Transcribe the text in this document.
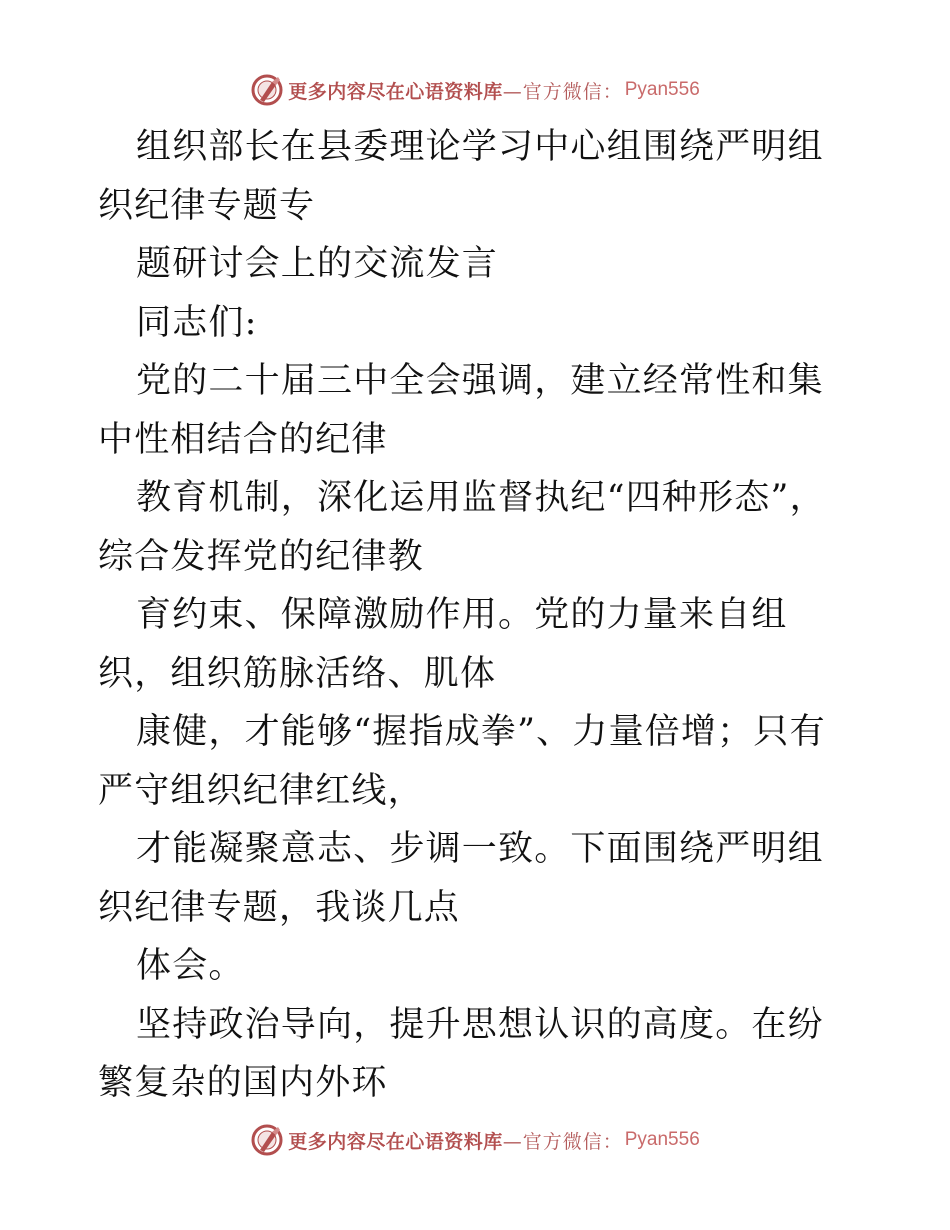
更多内容尽在心语资料库 —官方微信： Pyan556

组织部长在县委理论学习中心组围绕严明组织纪律专题专

题研讨会上的交流发言

同志们:

党的二十届三中全会强调，建立经常性和集中性相结合的纪律

教育机制，深化运用监督执纪“四种形态”，综合发挥党的纪律教

育约束、保障激励作用。党的力量来自组织，组织筋脉活络、肌体

康健，才能够“握指成拳”、力量倍增；只有严守组织纪律红线，

才能凝聚意志、步调一致。下面围绕严明组织纪律专题，我谈几点

体会。

坚持政治导向，提升思想认识的高度。在纷繁复杂的国内外环

更多内容尽在心语资料库 —官方微信： Pyan556
